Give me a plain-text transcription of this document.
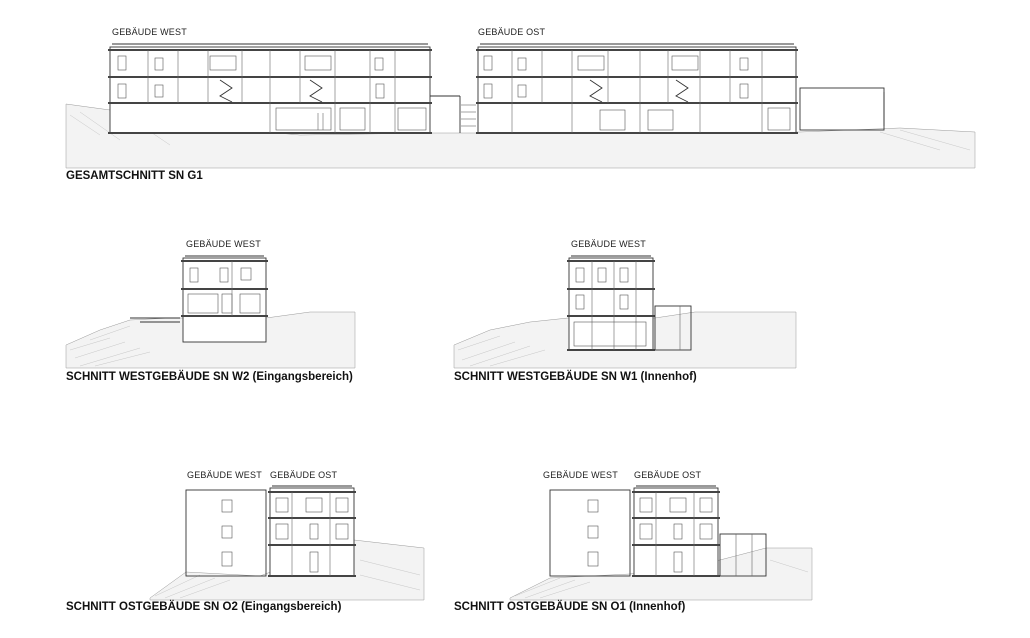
GEBÄUDE WEST	GEBÄUDE OST
GEBÄUDE WEST	GEBÄUDE WEST
GEBÄUDE WEST GEBÄUDE OST	GEBÄUDE WEST GEBÄUDE OST
GESAMTSCHNITT SN G1
SCHNITT WESTGEBÄUDE SN W2 (Eingangsbereich)	SCHNITT WESTGEBÄUDE SN W1 (Innenhof)
SCHNITT OSTGEBÄUDE SN O2 (Eingangsbereich)	SCHNITT OSTGEBÄUDE SN O1 (Innenhof)
